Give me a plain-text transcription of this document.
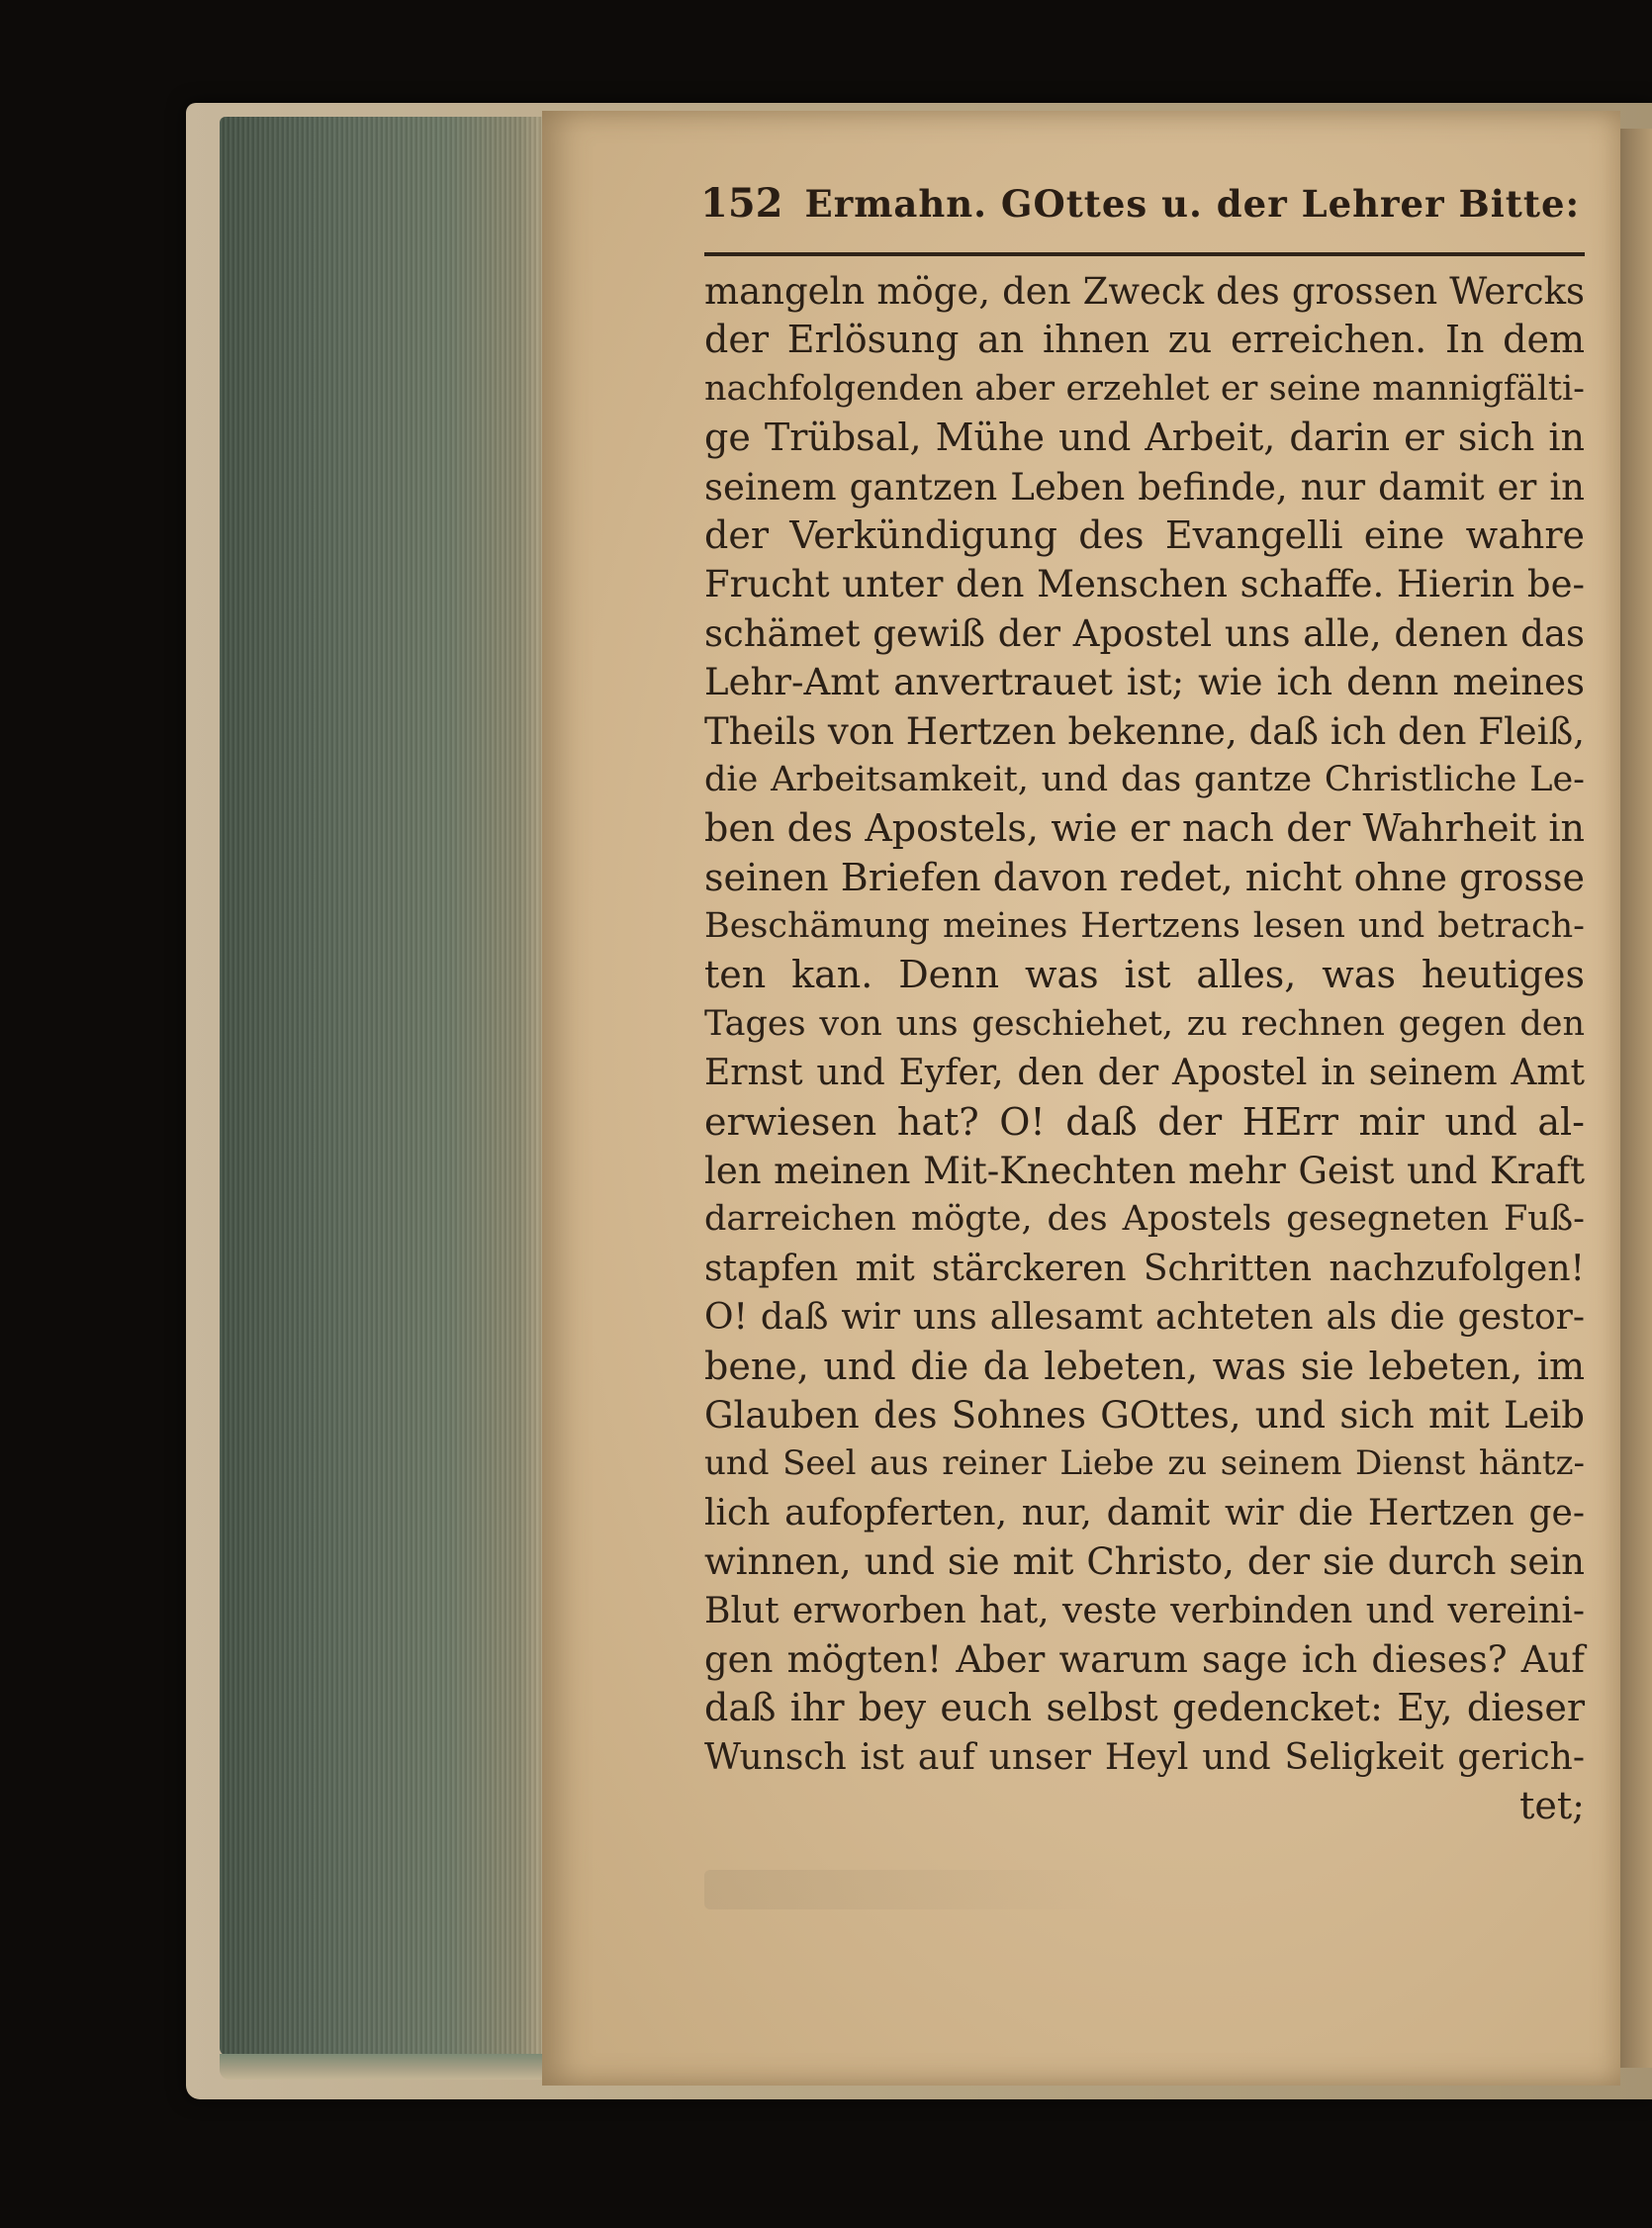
152 Ermahn. GOttes u. der Lehrer Bitte:
mangeln möge, den Zweck des grossen Wercks
der Erlösung an ihnen zu erreichen. In dem
nachfolgenden aber erzehlet er seine mannigfälti-
ge Trübsal, Mühe und Arbeit, darin er sich in
seinem gantzen Leben befinde, nur damit er in
der Verkündigung des Evangelli eine wahre
Frucht unter den Menschen schaffe. Hierin be-
schämet gewiß der Apostel uns alle, denen das
Lehr-Amt anvertrauet ist; wie ich denn meines
Theils von Hertzen bekenne, daß ich den Fleiß,
die Arbeitsamkeit, und das gantze Christliche Le-
ben des Apostels, wie er nach der Wahrheit in
seinen Briefen davon redet, nicht ohne grosse
Beschämung meines Hertzens lesen und betrach-
ten kan. Denn was ist alles, was heutiges
Tages von uns geschiehet, zu rechnen gegen den
Ernst und Eyfer, den der Apostel in seinem Amt
erwiesen hat? O! daß der HErr mir und al-
len meinen Mit-Knechten mehr Geist und Kraft
darreichen mögte, des Apostels gesegneten Fuß-
stapfen mit stärckeren Schritten nachzufolgen!
O! daß wir uns allesamt achteten als die gestor-
bene, und die da lebeten, was sie lebeten, im
Glauben des Sohnes GOttes, und sich mit Leib
und Seel aus reiner Liebe zu seinem Dienst häntz-
lich aufopferten, nur, damit wir die Hertzen ge-
winnen, und sie mit Christo, der sie durch sein
Blut erworben hat, veste verbinden und vereini-
gen mögten! Aber warum sage ich dieses? Auf
daß ihr bey euch selbst gedencket: Ey, dieser
Wunsch ist auf unser Heyl und Seligkeit gerich-
tet;
